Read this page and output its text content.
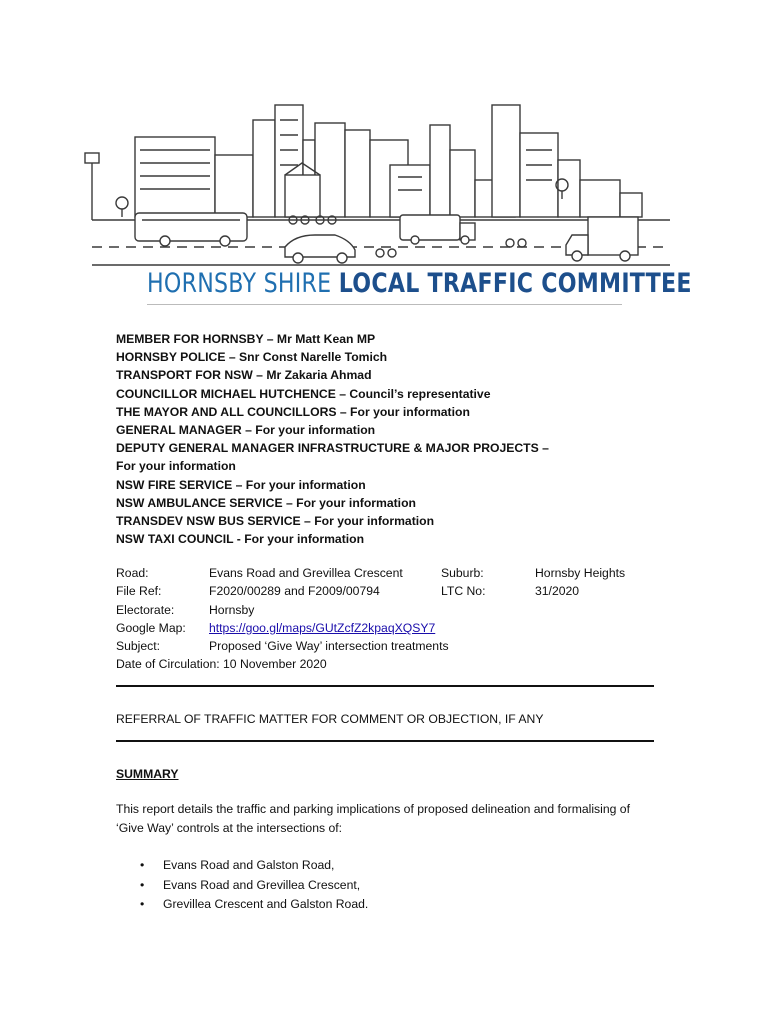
HORNSBY SHIRE LOCAL TRAFFIC COMMITTEE
MEMBER FOR HORNSBY – Mr Matt Kean MP
HORNSBY POLICE – Snr Const Narelle Tomich
TRANSPORT FOR NSW – Mr Zakaria Ahmad
COUNCILLOR MICHAEL HUTCHENCE – Council’s representative
THE MAYOR AND ALL COUNCILLORS – For your information
GENERAL MANAGER – For your information
DEPUTY GENERAL MANAGER INFRASTRUCTURE & MAJOR PROJECTS –
For your information
NSW FIRE SERVICE – For your information
NSW AMBULANCE SERVICE – For your information
TRANSDEV NSW BUS SERVICE – For your information
NSW TAXI COUNCIL - For your information
Road:	Evans Road and Grevillea Crescent	Suburb:	Hornsby Heights
File Ref:	F2020/00289 and F2009/00794	LTC No:	31/2020
Electorate:	Hornsby
Google Map: https://goo.gl/maps/GUtZcfZ2kpaqXQSY7
Subject:	Proposed ‘Give Way’ intersection treatments
Date of Circulation: 10 November 2020
REFERRAL OF TRAFFIC MATTER FOR COMMENT OR OBJECTION, IF ANY
SUMMARY
This report details the traffic and parking implications of proposed delineation and formalising of ‘Give Way’ controls at the intersections of:
• Evans Road and Galston Road,
• Evans Road and Grevillea Crescent,
• Grevillea Crescent and Galston Road.
